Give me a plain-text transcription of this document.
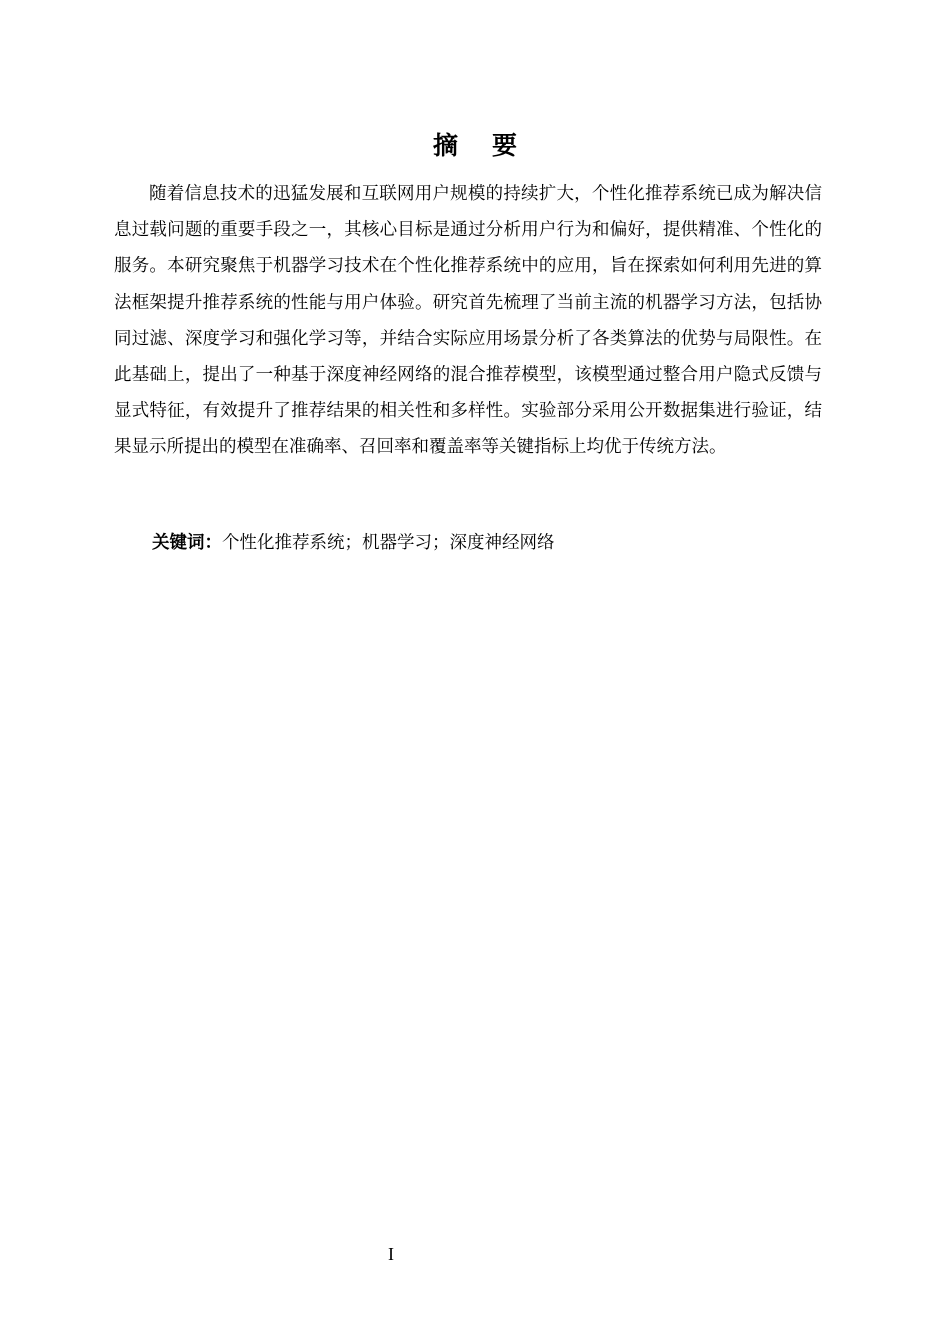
摘要

随着信息技术的迅猛发展和互联网用户规模的持续扩大，个性化推荐系统已成为解决信息过载问题的重要手段之一，其核心目标是通过分析用户行为和偏好，提供精准、个性化的服务。本研究聚焦于机器学习技术在个性化推荐系统中的应用，旨在探索如何利用先进的算法框架提升推荐系统的性能与用户体验。研究首先梳理了当前主流的机器学习方法，包括协同过滤、深度学习和强化学习等，并结合实际应用场景分析了各类算法的优势与局限性。在此基础上，提出了一种基于深度神经网络的混合推荐模型，该模型通过整合用户隐式反馈与显式特征，有效提升了推荐结果的相关性和多样性。实验部分采用公开数据集进行验证，结果显示所提出的模型在准确率、召回率和覆盖率等关键指标上均优于传统方法。

关键词：个性化推荐系统；机器学习；深度神经网络
I
